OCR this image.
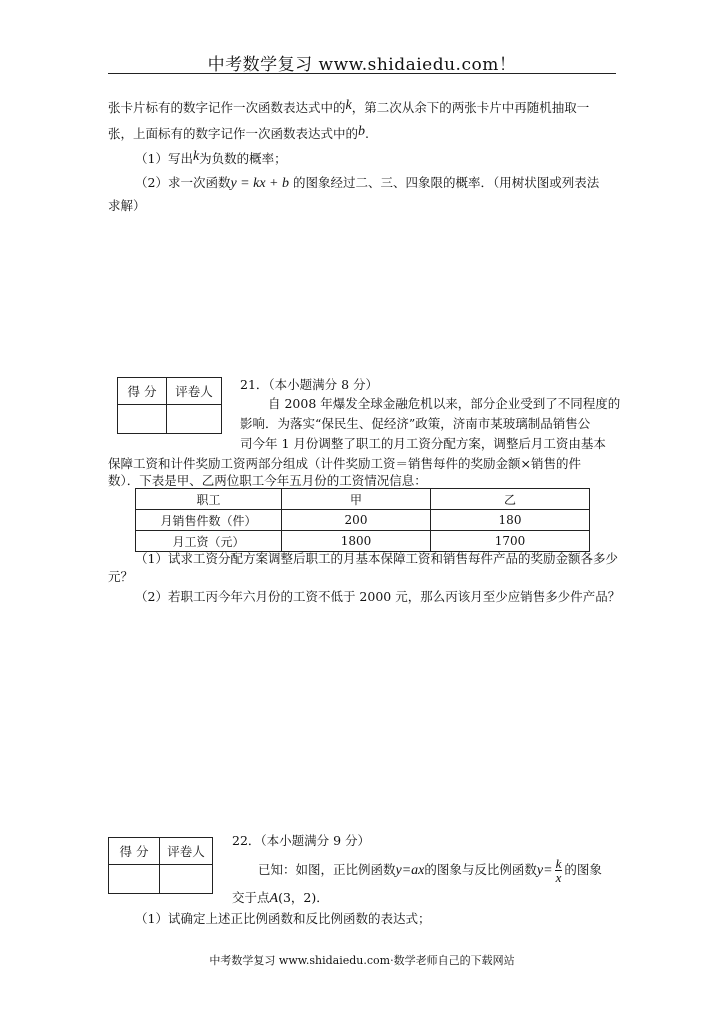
中考数学复习 www.shidaiedu.com！
张卡片标有的数字记作一次函数表达式中的k，第二次从余下的两张卡片中再随机抽取一
张，上面标有的数字记作一次函数表达式中的b.
（1）写出k为负数的概率；
（2）求一次函数y = kx + b 的图象经过二、三、四象限的概率．（用树状图或列表法
求解）
得 分	评卷人
	21．（本小题满分 8 分）
自 2008 年爆发全球金融危机以来，部分企业受到了不同程度的
影响．为落实“保民生、促经济”政策，济南市某玻璃制品销售公
司今年 1 月份调整了职工的月工资分配方案，调整后月工资由基本
保障工资和计件奖励工资两部分组成（计件奖励工资＝销售每件的奖励金额×销售的件
数）．下表是甲、乙两位职工今年五月份的工资情况信息：
职工	甲	乙
月销售件数（件）	200	180
月工资（元）	1800	1700
（1）试求工资分配方案调整后职工的月基本保障工资和销售每件产品的奖励金额各多少
元？
（2）若职工丙今年六月份的工资不低于 2000 元，那么丙该月至少应销售多少件产品？
得 分	评卷人

22．（本小题满分 9 分）
已知：如图，正比例函数y=ax的图象与反比例函数$y= \frac{k}{x}$ 的图象
交于点A(3，2)．
（1）试确定上述正比例函数和反比例函数的表达式；
中考数学复习 www.shidaiedu.com·数学老师自己的下载网站
